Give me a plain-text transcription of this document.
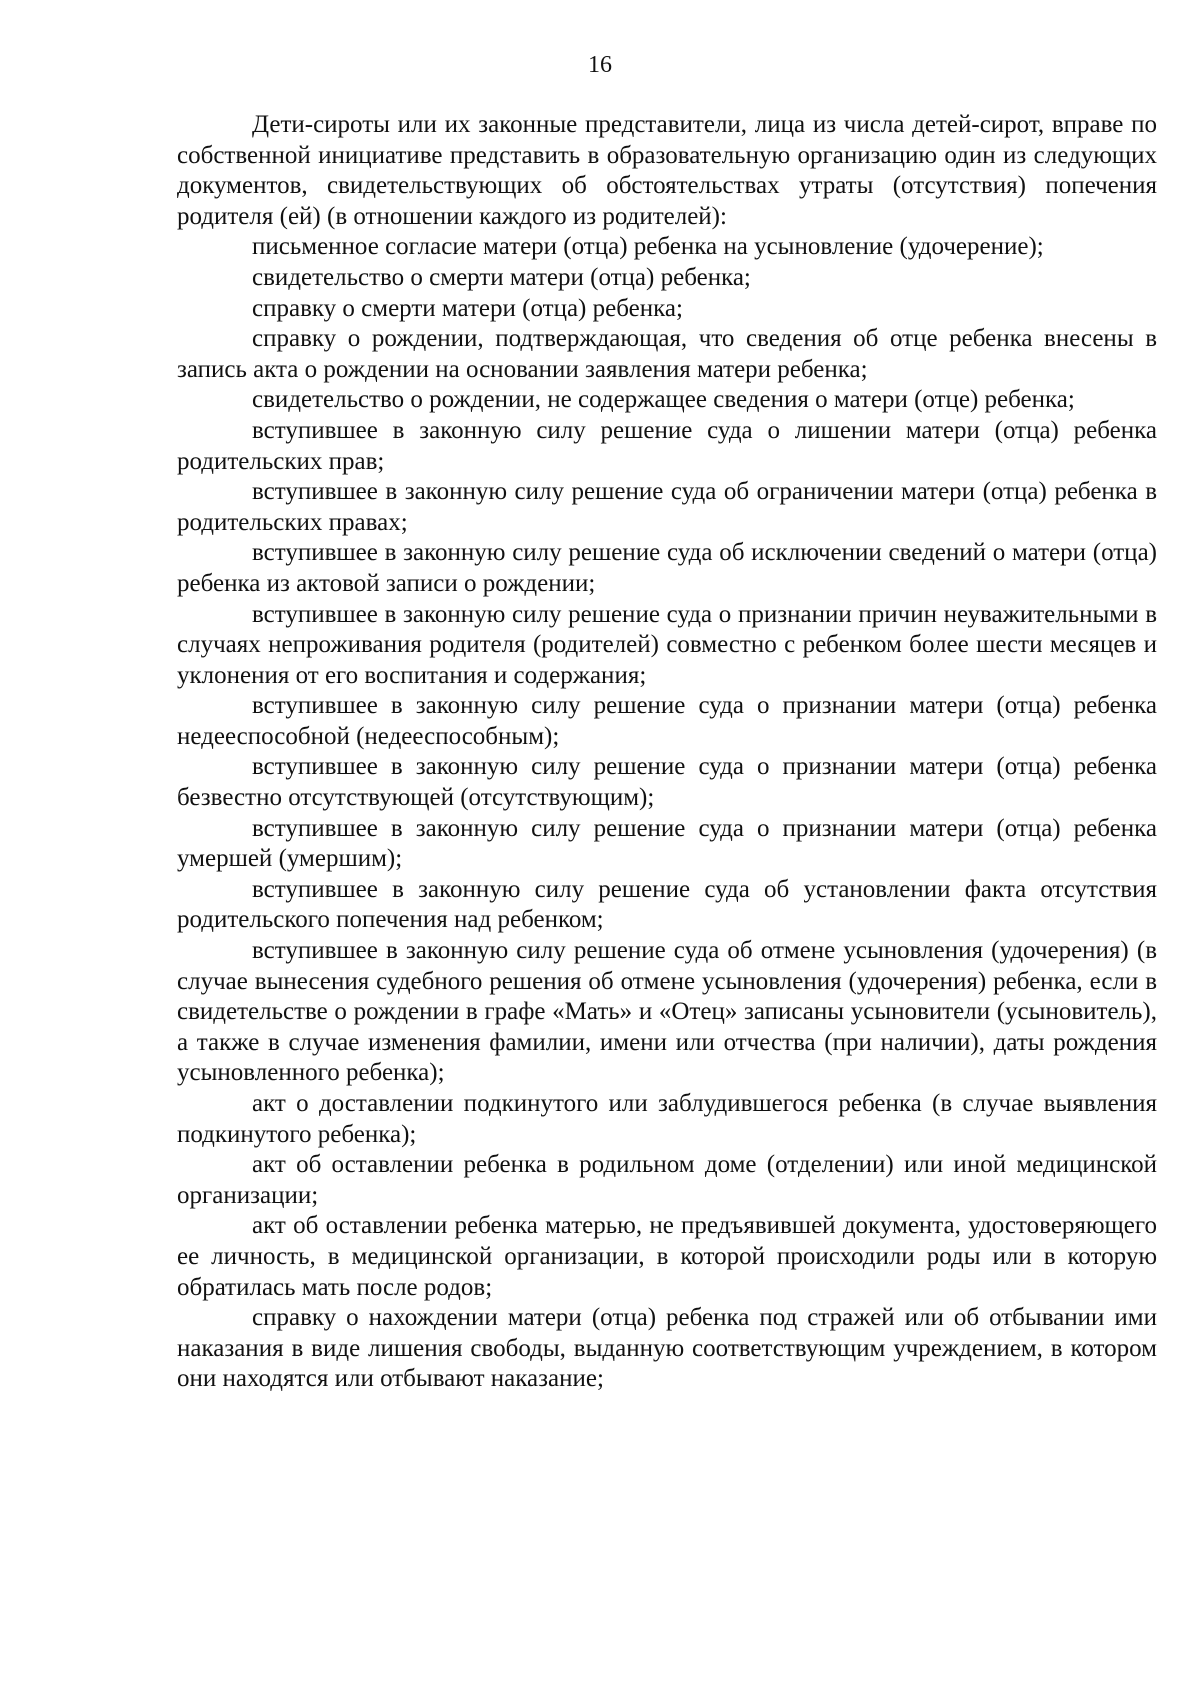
16

Дети-сироты или их законные представители, лица из числа детей-сирот, вправе по собственной инициативе представить в образовательную организацию один из следующих документов, свидетельствующих об обстоятельствах утраты (отсутствия) попечения родителя (ей) (в отношении каждого из родителей):

письменное согласие матери (отца) ребенка на усыновление (удочерение);

свидетельство о смерти матери (отца) ребенка;

справку о смерти матери (отца) ребенка;

справку о рождении, подтверждающая, что сведения об отце ребенка внесены в запись акта о рождении на основании заявления матери ребенка;

свидетельство о рождении, не содержащее сведения о матери (отце) ребенка;

вступившее в законную силу решение суда о лишении матери (отца) ребенка родительских прав;

вступившее в законную силу решение суда об ограничении матери (отца) ребенка в родительских правах;

вступившее в законную силу решение суда об исключении сведений о матери (отца) ребенка из актовой записи о рождении;

вступившее в законную силу решение суда о признании причин неуважительными в случаях непроживания родителя (родителей) совместно с ребенком более шести месяцев и уклонения от его воспитания и содержания;

вступившее в законную силу решение суда о признании матери (отца) ребенка недееспособной (недееспособным);

вступившее в законную силу решение суда о признании матери (отца) ребенка безвестно отсутствующей (отсутствующим);

вступившее в законную силу решение суда о признании матери (отца) ребенка умершей (умершим);

вступившее в законную силу решение суда об установлении факта отсутствия родительского попечения над ребенком;

вступившее в законную силу решение суда об отмене усыновления (удочерения) (в случае вынесения судебного решения об отмене усыновления (удочерения) ребенка, если в свидетельстве о рождении в графе «Мать» и «Отец» записаны усыновители (усыновитель), а также в случае изменения фамилии, имени или отчества (при наличии), даты рождения усыновленного ребенка);

акт о доставлении подкинутого или заблудившегося ребенка (в случае выявления подкинутого ребенка);

акт об оставлении ребенка в родильном доме (отделении) или иной медицинской организации;

акт об оставлении ребенка матерью, не предъявившей документа, удостоверяющего ее личность, в медицинской организации, в которой происходили роды или в которую обратилась мать после родов;

справку о нахождении матери (отца) ребенка под стражей или об отбывании ими наказания в виде лишения свободы, выданную соответствующим учреждением, в котором они находятся или отбывают наказание;
